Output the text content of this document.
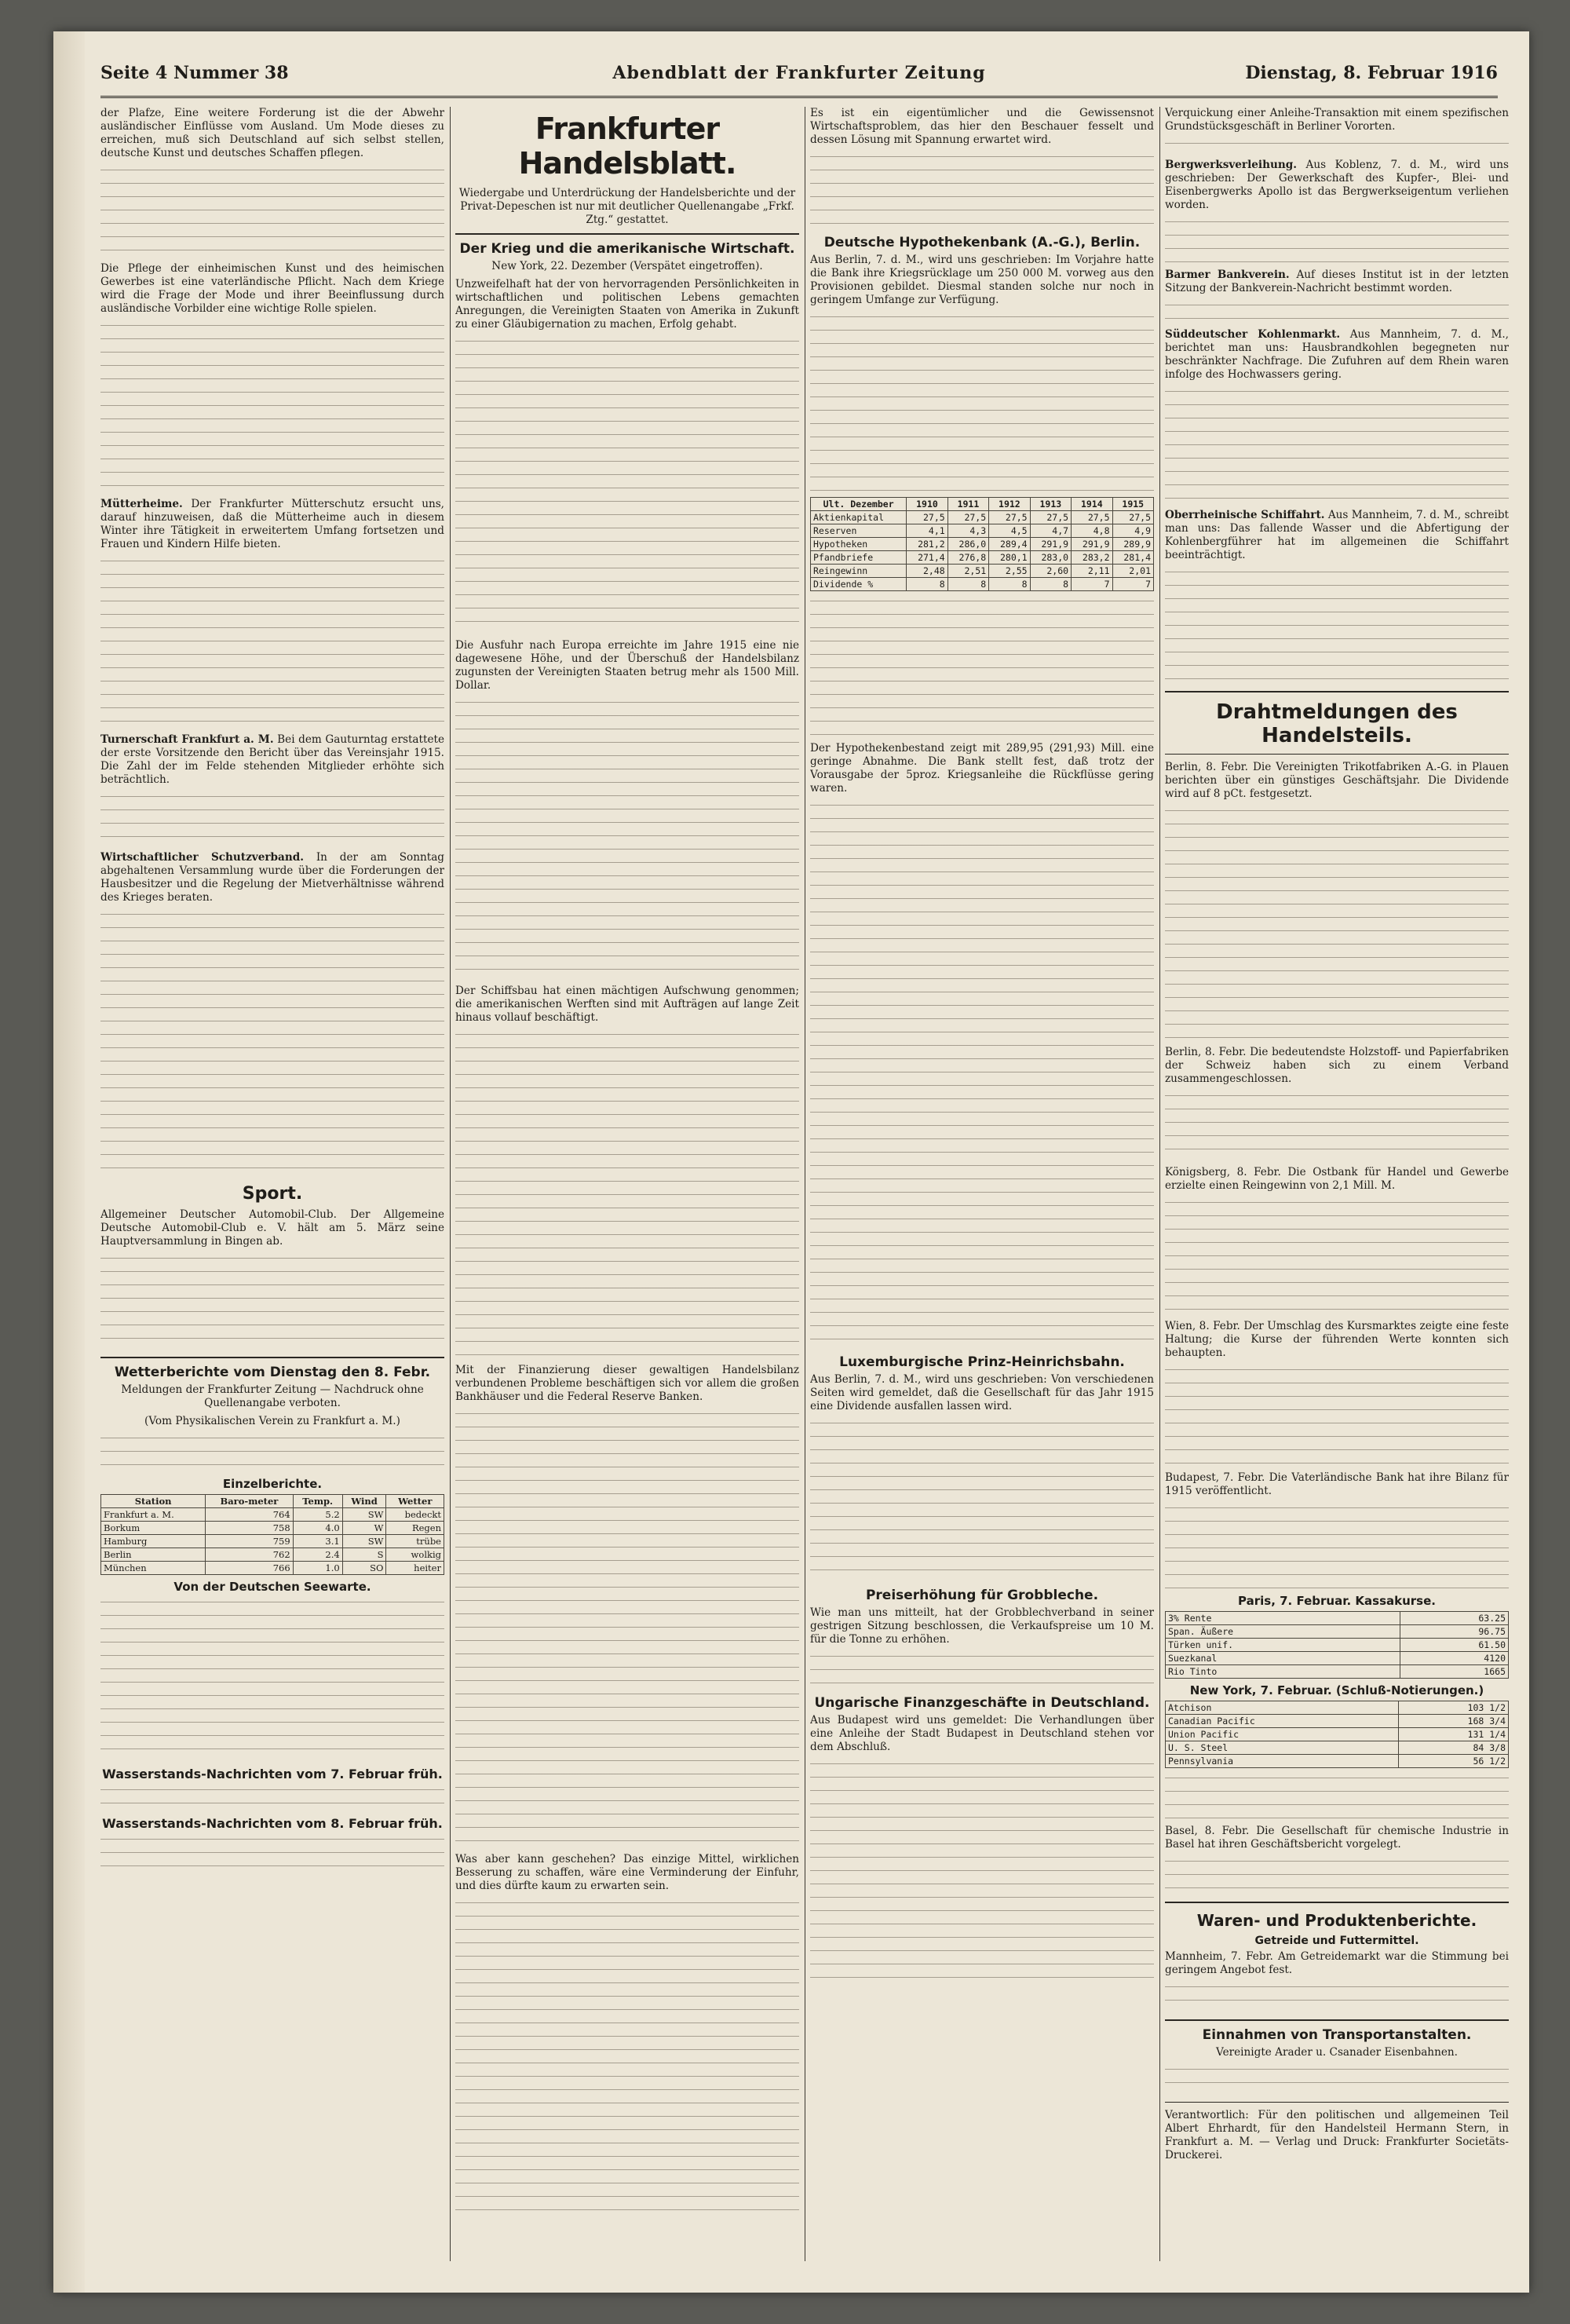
Seite 4 Nummer 38	Abendblatt der Frankfurter Zeitung	Dienstag, 8. Februar 1916

der Plafze, Eine weitere Forderung ist die der Abwehr ausländischer Einflüsse vom Ausland. Um Mode dieses zu erreichen, muß sich Deutschland auf sich selbst stellen, deutsche Kunst und deutsches Schaffen pflegen.

Die Pflege der einheimischen Kunst und des heimischen Gewerbes ist eine vaterländische Pflicht. Nach dem Kriege wird die Frage der Mode und ihrer Beeinflussung durch ausländische Vorbilder eine wichtige Rolle spielen.

Mütterheime. Der Frankfurter Mütterschutz ersucht uns, darauf hinzuweisen, daß die Mütterheime auch in diesem Winter ihre Tätigkeit in erweitertem Umfang fortsetzen und Frauen und Kindern Hilfe bieten.

Turnerschaft Frankfurt a. M. Bei dem Gauturntag erstattete der erste Vorsitzende den Bericht über das Vereinsjahr 1915. Die Zahl der im Felde stehenden Mitglieder erhöhte sich beträchtlich.

Wirtschaftlicher Schutzverband. In der am Sonntag abgehaltenen Versammlung wurde über die Forderungen der Hausbesitzer und die Regelung der Mietverhältnisse während des Krieges beraten.

Sport.

Allgemeiner Deutscher Automobil-Club. Der Allgemeine Deutsche Automobil-Club e. V. hält am 5. März seine Hauptversammlung in Bingen ab.

Wetterberichte vom Dienstag den 8. Febr.

Meldungen der Frankfurter Zeitung — Nachdruck ohne Quellenangabe verboten.

(Vom Physikalischen Verein zu Frankfurt a. M.)

Einzelberichte.
Station	Baro-meter	Temp.	Wind	Wetter
Frankfurt a. M.	764	5.2	SW	bedeckt
Borkum	758	4.0	W	Regen
Hamburg	759	3.1	SW	trübe
Berlin	762	2.4	S	wolkig
München	766	1.0	SO	heiter
Von der Deutschen Seewarte.
Wasserstands-Nachrichten vom 7. Februar früh.
Wasserstands-Nachrichten vom 8. Februar früh.
Frankfurter Handelsblatt.

Wiedergabe und Unterdrückung der Handelsberichte und der Privat-Depeschen ist nur mit deutlicher Quellenangabe „Frkf. Ztg.“ gestattet.

Der Krieg und die amerikanische Wirtschaft.

New York, 22. Dezember (Verspätet eingetroffen).

Unzweifelhaft hat der von hervorragenden Persönlichkeiten in wirtschaftlichen und politischen Lebens gemachten Anregungen, die Vereinigten Staaten von Amerika in Zukunft zu einer Gläubigernation zu machen, Erfolg gehabt.

Die Ausfuhr nach Europa erreichte im Jahre 1915 eine nie dagewesene Höhe, und der Überschuß der Handelsbilanz zugunsten der Vereinigten Staaten betrug mehr als 1500 Mill. Dollar.

Der Schiffsbau hat einen mächtigen Aufschwung genommen; die amerikanischen Werften sind mit Aufträgen auf lange Zeit hinaus vollauf beschäftigt.

Mit der Finanzierung dieser gewaltigen Handelsbilanz verbundenen Probleme beschäftigen sich vor allem die großen Bankhäuser und die Federal Reserve Banken.

Was aber kann geschehen? Das einzige Mittel, wirklichen Besserung zu schaffen, wäre eine Verminderung der Einfuhr, und dies dürfte kaum zu erwarten sein.

Es ist ein eigentümlicher und die Gewissensnot Wirtschaftsproblem, das hier den Beschauer fesselt und dessen Lösung mit Spannung erwartet wird.

Deutsche Hypothekenbank (A.-G.), Berlin.

Aus Berlin, 7. d. M., wird uns geschrieben: Im Vorjahre hatte die Bank ihre Kriegsrücklage um 250 000 M. vorweg aus den Provisionen gebildet. Diesmal standen solche nur noch in geringem Umfange zur Verfügung.

Ult. Dezember	1910	1911	1912	1913	1914	1915
Aktienkapital	27,5	27,5	27,5	27,5	27,5	27,5
Reserven	4,1	4,3	4,5	4,7	4,8	4,9
Hypotheken	281,2	286,0	289,4	291,9	291,9	289,9
Pfandbriefe	271,4	276,8	280,1	283,0	283,2	281,4
Reingewinn	2,48	2,51	2,55	2,60	2,11	2,01
Dividende %	8	8	8	8	7	7

Der Hypothekenbestand zeigt mit 289,95 (291,93) Mill. eine geringe Abnahme. Die Bank stellt fest, daß trotz der Vorausgabe der 5proz. Kriegsanleihe die Rückflüsse gering waren.

Luxemburgische Prinz-Heinrichsbahn.

Aus Berlin, 7. d. M., wird uns geschrieben: Von verschiedenen Seiten wird gemeldet, daß die Gesellschaft für das Jahr 1915 eine Dividende ausfallen lassen wird.

Preiserhöhung für Grobbleche.

Wie man uns mitteilt, hat der Grobblechverband in seiner gestrigen Sitzung beschlossen, die Verkaufspreise um 10 M. für die Tonne zu erhöhen.

Ungarische Finanzgeschäfte in Deutschland.

Aus Budapest wird uns gemeldet: Die Verhandlungen über eine Anleihe der Stadt Budapest in Deutschland stehen vor dem Abschluß.

Verquickung einer Anleihe-Transaktion mit einem spezifischen Grundstücksgeschäft in Berliner Vororten.

Bergwerksverleihung. Aus Koblenz, 7. d. M., wird uns geschrieben: Der Gewerkschaft des Kupfer-, Blei- und Eisenbergwerks Apollo ist das Bergwerkseigentum verliehen worden.

Barmer Bankverein. Auf dieses Institut ist in der letzten Sitzung der Bankverein-Nachricht bestimmt worden.

Süddeutscher Kohlenmarkt. Aus Mannheim, 7. d. M., berichtet man uns: Hausbrandkohlen begegneten nur beschränkter Nachfrage. Die Zufuhren auf dem Rhein waren infolge des Hochwassers gering.

Oberrheinische Schiffahrt. Aus Mannheim, 7. d. M., schreibt man uns: Das fallende Wasser und die Abfertigung der Kohlenbergführer hat im allgemeinen die Schiffahrt beeinträchtigt.

Drahtmeldungen des Handelsteils.

Berlin, 8. Febr. Die Vereinigten Trikotfabriken A.-G. in Plauen berichten über ein günstiges Geschäftsjahr. Die Dividende wird auf 8 pCt. festgesetzt.

Berlin, 8. Febr. Die bedeutendste Holzstoff- und Papierfabriken der Schweiz haben sich zu einem Verband zusammengeschlossen.

Königsberg, 8. Febr. Die Ostbank für Handel und Gewerbe erzielte einen Reingewinn von 2,1 Mill. M.

Wien, 8. Febr. Der Umschlag des Kursmarktes zeigte eine feste Haltung; die Kurse der führenden Werte konnten sich behaupten.

Budapest, 7. Febr. Die Vaterländische Bank hat ihre Bilanz für 1915 veröffentlicht.

Paris, 7. Februar. Kassakurse.
3% Rente	63.25
Span. Äußere	96.75
Türken unif.	61.50
Suezkanal	4120
Rio Tinto	1665
New York, 7. Februar. (Schluß-Notierungen.)
Atchison	103 1/2
Canadian Pacific	168 3/4
Union Pacific	131 1/4
U. S. Steel	84 3/8
Pennsylvania	56 1/2

Basel, 8. Febr. Die Gesellschaft für chemische Industrie in Basel hat ihren Geschäftsbericht vorgelegt.

Waren- und Produktenberichte.
Getreide und Futtermittel.

Mannheim, 7. Febr. Am Getreidemarkt war die Stimmung bei geringem Angebot fest.

Einnahmen von Transportanstalten.

Vereinigte Arader u. Csanader Eisenbahnen.

Verantwortlich: Für den politischen und allgemeinen Teil Albert Ehrhardt, für den Handelsteil Hermann Stern, in Frankfurt a. M. — Verlag und Druck: Frankfurter Societäts-Druckerei.
